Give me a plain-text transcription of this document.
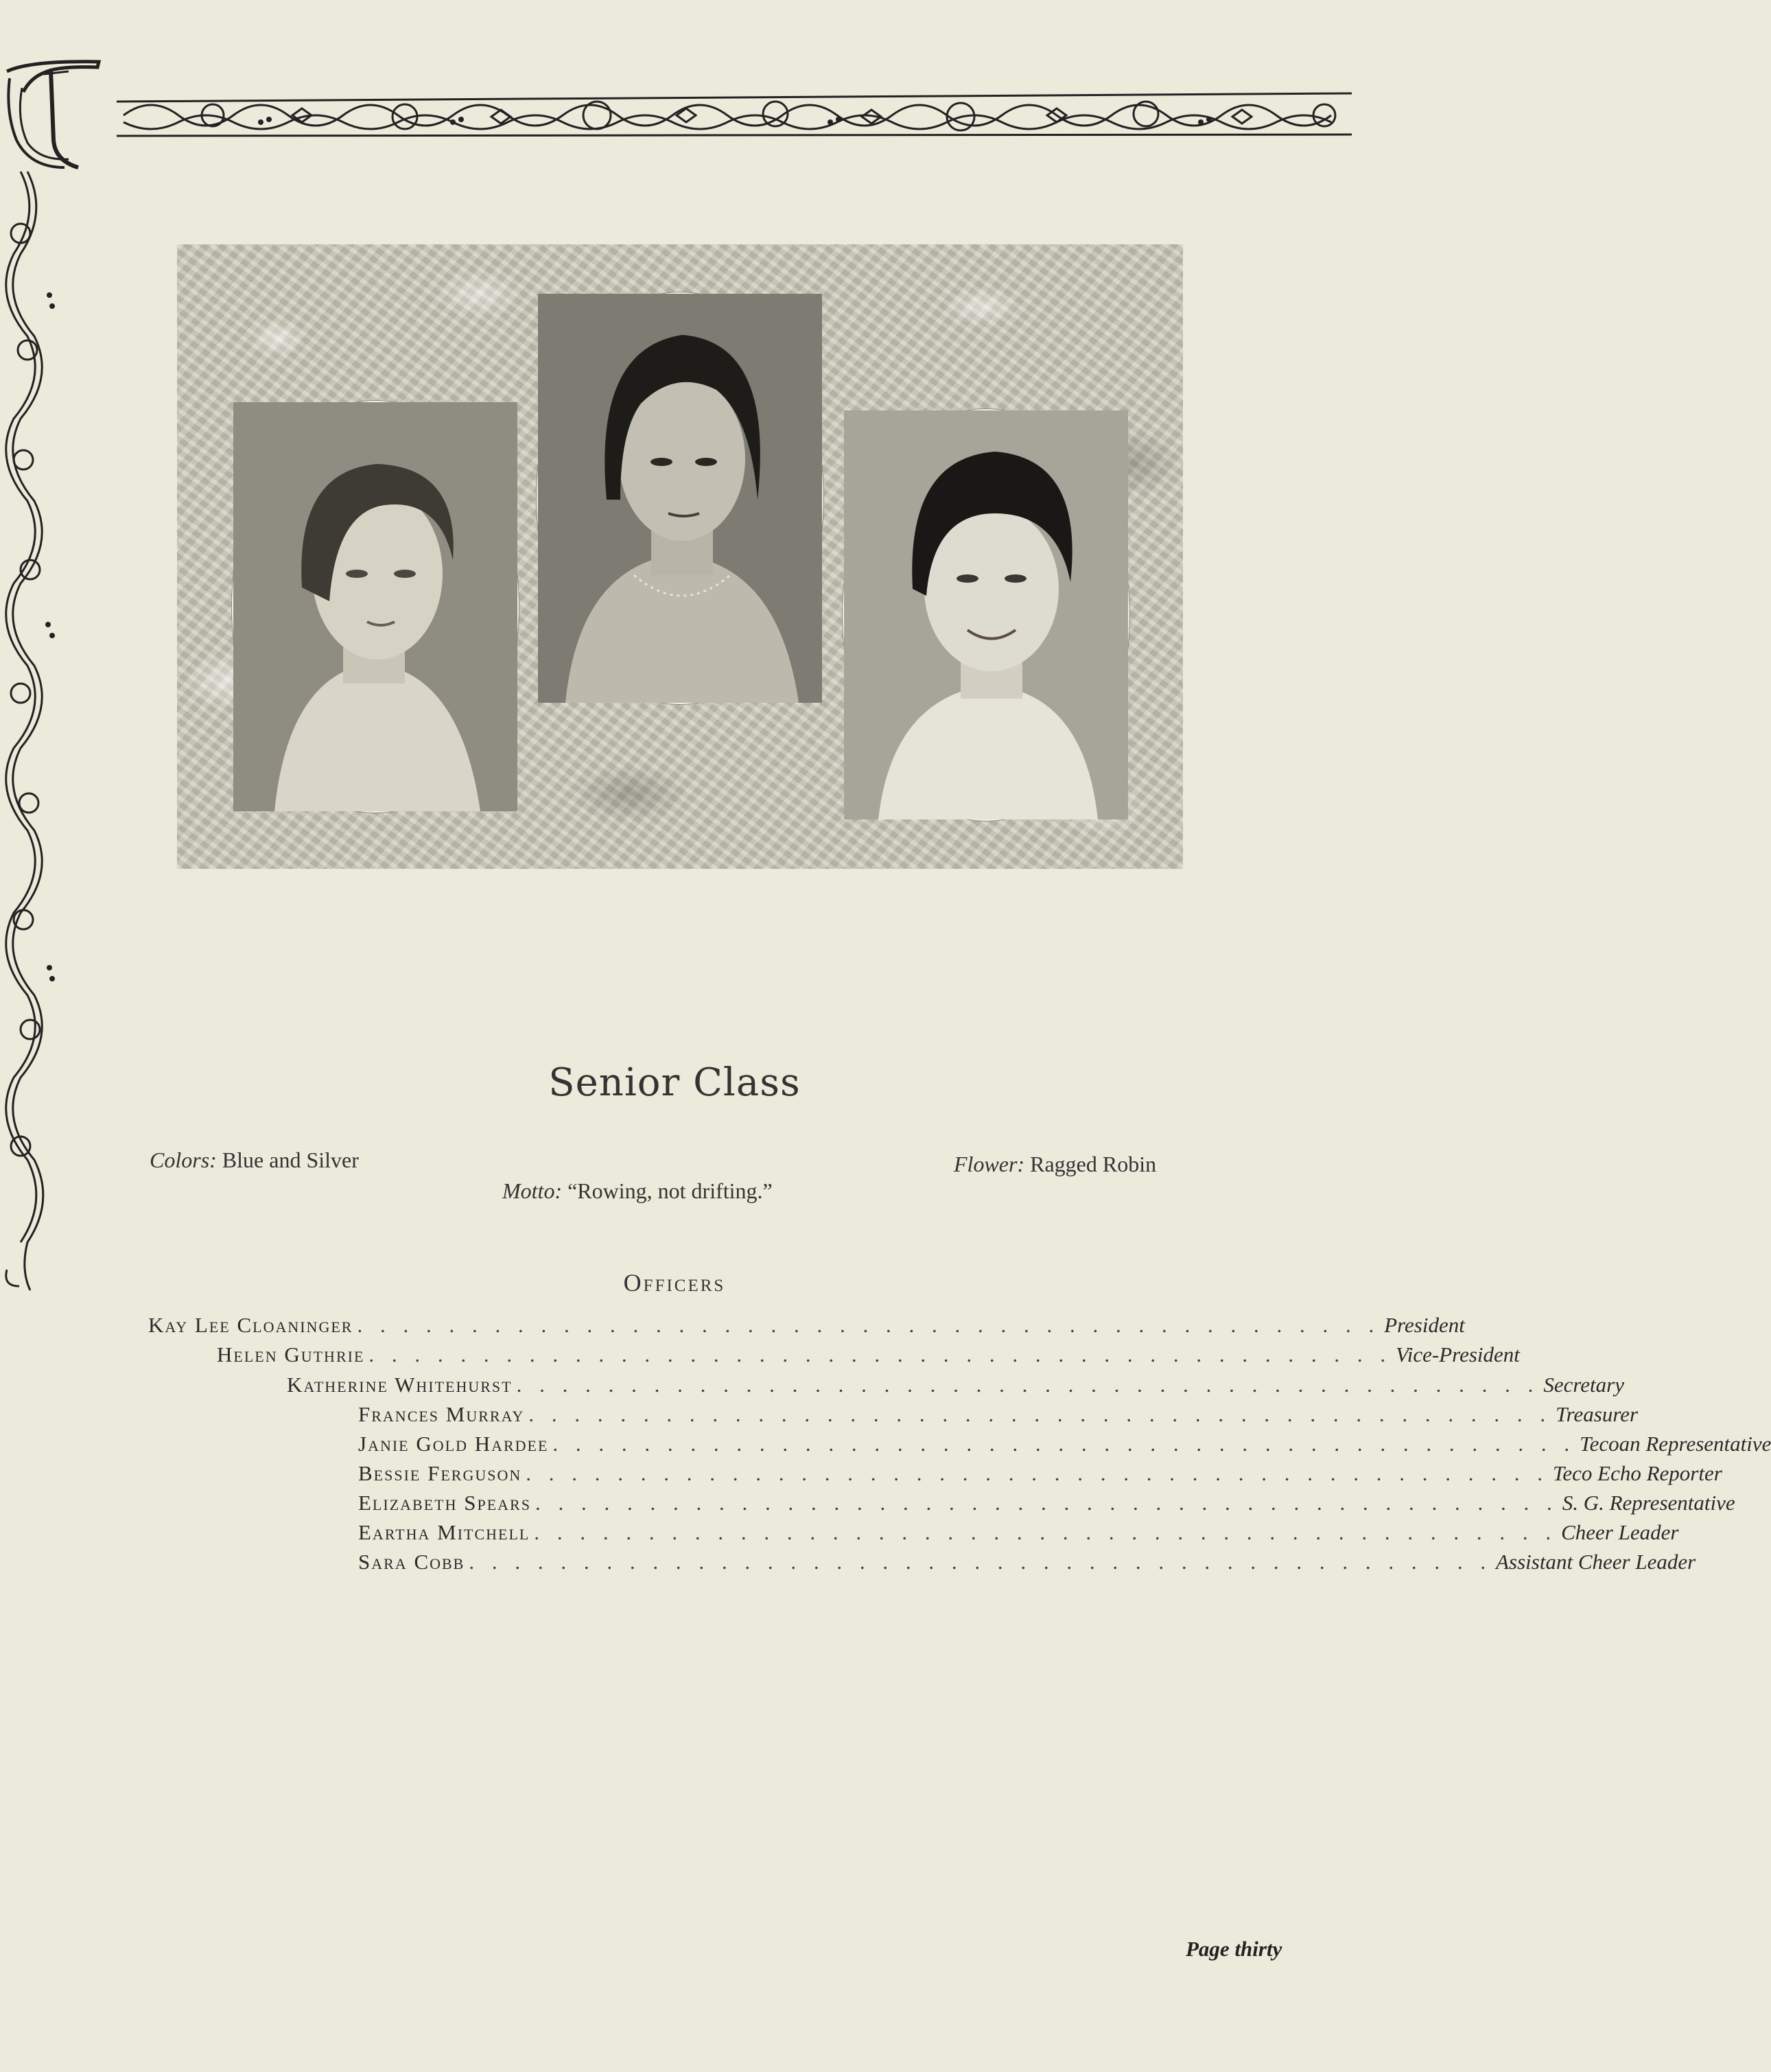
Senior Class
Colors: Blue and Silver	Flower: Ragged Robin
Motto: “Rowing, not drifting.”
Officers
Kay Lee Cloaninger . . . . . . . . . . . . . . . . . . . . . . . . . . . . . . . . . . . . . . . . . . . . . President
Helen Guthrie . . . . . . . . . . . . . . . . . . . . . . . . . . . . . . . . . . . . . . . . . . . . . Vice-President
Katherine Whitehurst . . . . . . . . . . . . . . . . . . . . . . . . . . . . . . . . . . . . . . . . . . . . . Secretary
Frances Murray . . . . . . . . . . . . . . . . . . . . . . . . . . . . . . . . . . . . . . . . . . . . . Treasurer
Janie Gold Hardee . . . . . . . . . . . . . . . . . . . . . . . . . . . . . . . . . . . . . . . . . . . . . Tecoan Representative
Bessie Ferguson . . . . . . . . . . . . . . . . . . . . . . . . . . . . . . . . . . . . . . . . . . . . . Teco Echo Reporter
Elizabeth Spears . . . . . . . . . . . . . . . . . . . . . . . . . . . . . . . . . . . . . . . . . . . . . S. G. Representative
Eartha Mitchell . . . . . . . . . . . . . . . . . . . . . . . . . . . . . . . . . . . . . . . . . . . . . Cheer Leader
Sara Cobb . . . . . . . . . . . . . . . . . . . . . . . . . . . . . . . . . . . . . . . . . . . . . Assistant Cheer Leader
Page thirty
